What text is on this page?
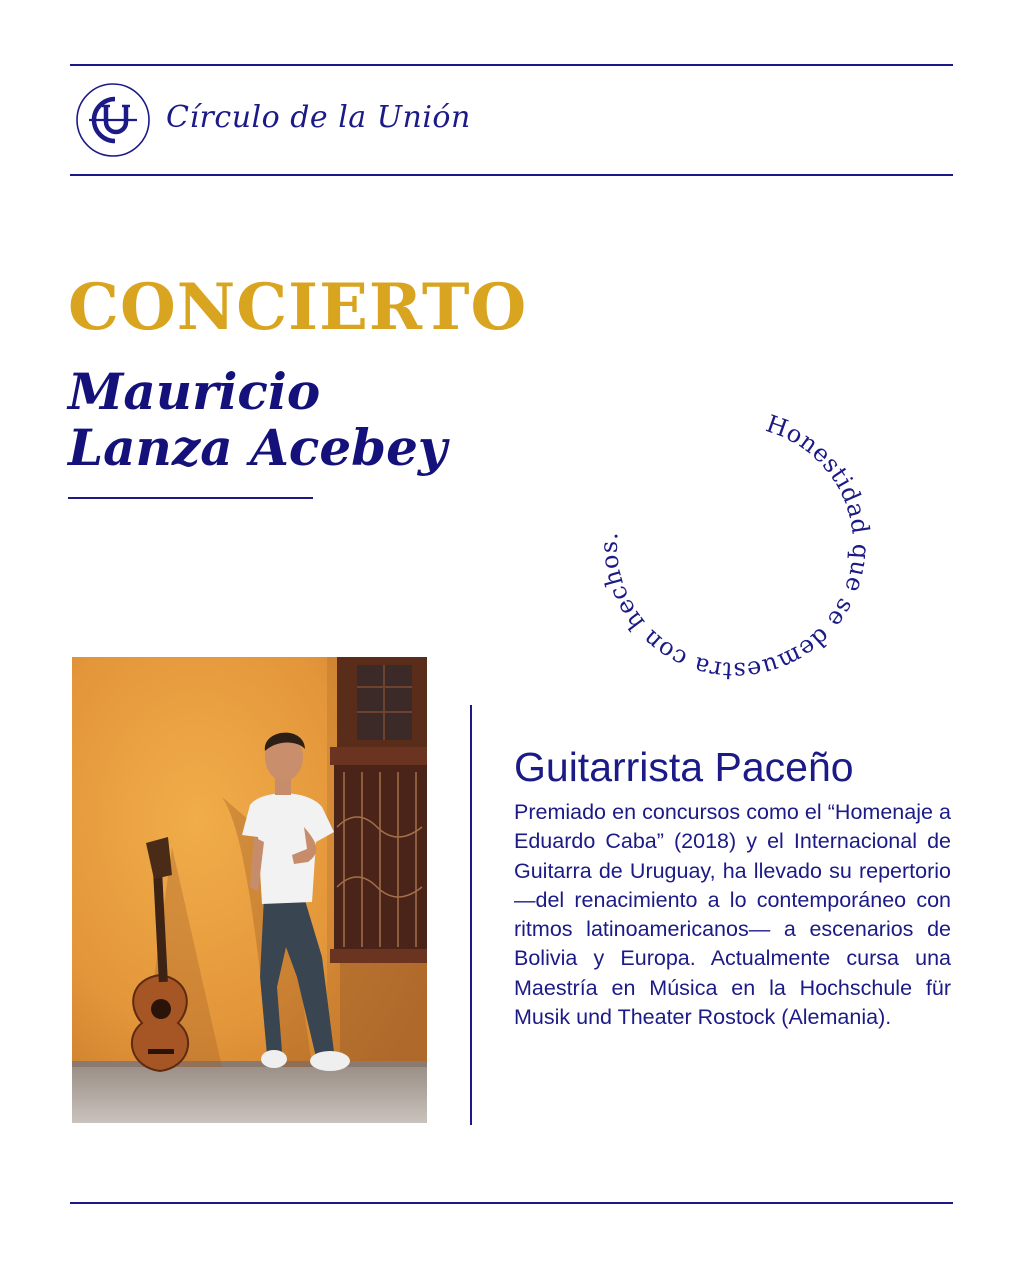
Círculo de la Unión
CONCIERTO
Mauricio
Lanza Acebey	Honestidad que se demuestra con hechos.
Guitarrista Paceño

Premiado en concursos como el “Homenaje a Eduardo Caba” (2018) y el Internacional de Guitarra de Uruguay, ha llevado su repertorio —del renacimiento a lo contemporáneo con ritmos latinoamericanos— a escenarios de Bolivia y Europa. Actualmente cursa una Maestría en Música en la Hochschule für Musik und Theater Rostock (Alemania).
